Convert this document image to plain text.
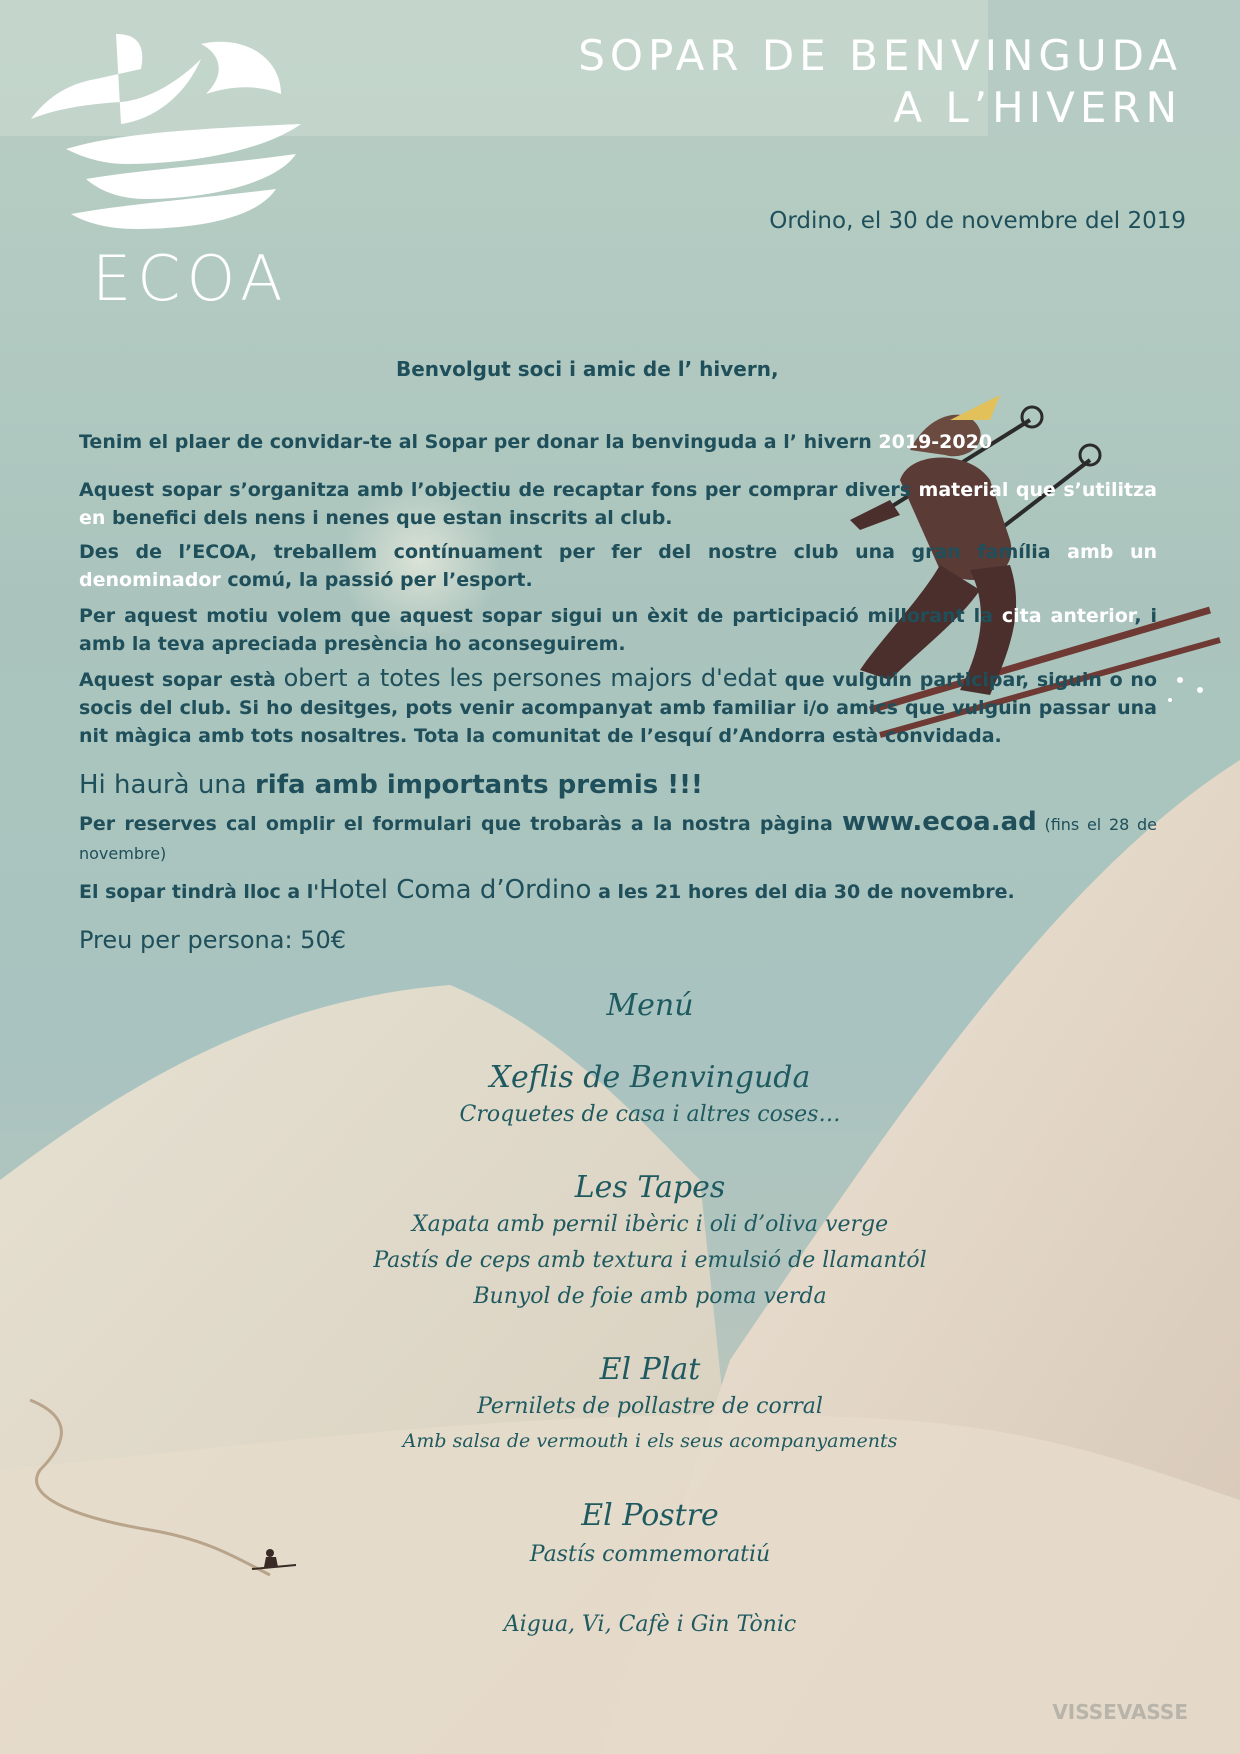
ECOA
SOPAR DE BENVINGUDA
A L’HIVERN
Ordino, el 30 de novembre del 2019
Benvolgut soci i amic de l’ hivern,
Tenim el plaer de convidar-te al Sopar per donar la benvinguda a l’ hivern 2019-2020
Aquest sopar s’organitza amb l’objectiu de recaptar fons per comprar divers material que s’utilitza en benefici dels nens i nenes que estan inscrits al club.
Des de l’ECOA, treballem contínuament per fer del nostre club una gran família amb un denominador comú, la passió per l’esport.
Per aquest motiu volem que aquest sopar sigui un èxit de participació millorant la cita anterior, i amb la teva apreciada presència ho aconseguirem.
Aquest sopar està obert a totes les persones majors d'edat que vulguin participar, siguin o no socis del club. Si ho desitges, pots venir acompanyat amb familiar i/o amics que vulguin passar una nit màgica amb tots nosaltres. Tota la comunitat de l’esquí d’Andorra està convidada.
Hi haurà una rifa amb importants premis !!!
Per reserves cal omplir el formulari que trobaràs a la nostra pàgina www.ecoa.ad (fins el 28 de novembre)
El sopar tindrà lloc a l'Hotel Coma d’Ordino a les 21 hores del dia 30 de novembre.
Preu per persona: 50€
Menú
Xeflis de Benvinguda
Croquetes de casa i altres coses…
Les Tapes
Xapata amb pernil ibèric i oli d’oliva verge
Pastís de ceps amb textura i emulsió de llamantól
Bunyol de foie amb poma verda
El Plat
Pernilets de pollastre de corral
Amb salsa de vermouth i els seus acompanyaments
El Postre
Pastís commemoratiú
Aigua, Vi, Cafè i Gin Tònic
VISSEVASSE
